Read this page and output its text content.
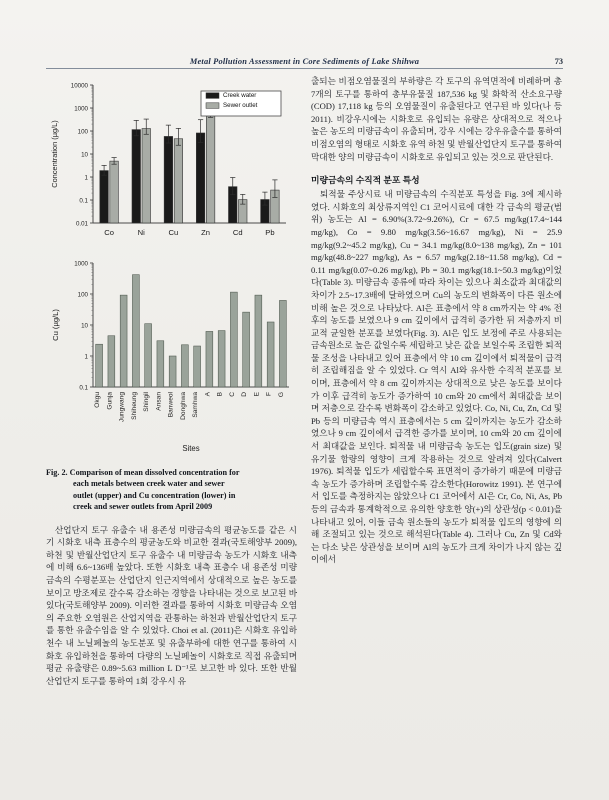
Metal Pollution Assessment in Core Sediments of Lake Shihwa	73
0.01
0.1
1
10
100
1000
10000
Co	Ni	Cu	Zn	Cd	Pb
Concentration (µg/L)
Creek water
Sewer outlet
0.1
1
10
100
1000
Okgu Gunja Jungwang Shiheung Shingil Ansan Banweol Donghwa Samhwa A B C D E F G
Cu (µg/L)
Sites
Fig. 2. Comparison of mean dissolved concentration for
each metals between creek water and sewer
outlet (upper) and Cu concentration (lower) in
creek and sewer outlets from April 2009

산업단지 토구 유출수 내 용존성 미량금속의 평균농도를 같은 시기 시화호 내측 표층수의 평균농도와 비교한 결과(국토해양부 2009), 하천 및 반월산업단지 토구 유출수 내 미량금속 농도가 시화호 내측에 비해 6.6~136배 높았다. 또한 시화호 내측 표층수 내 용존성 미량금속의 수평분포는 산업단지 인근지역에서 상대적으로 높은 농도를 보이고 방조제로 갈수록 감소하는 경향을 나타내는 것으로 보고된 바 있다(국토해양부 2009). 이러한 결과를 통하여 시화호 미량금속 오염의 주요한 오염원은 산업지역을 관통하는 하천과 반월산업단지 토구를 통한 유출수임을 알 수 있었다. Choi et al. (2011)은 시화호 유입하천수 내 노닐페놀의 농도분포 및 유출부하에 대한 연구를 통하여 시화호 유입하천을 통하여 다량의 노닐페놀이 시화호로 직접 유출되며 평균 유출량은 0.89~5.63 million L D⁻¹로 보고한 바 있다. 또한 반월산업단지 토구를 통하여 1회 강우시 유

출되는 비점오염물질의 부하량은 각 토구의 유역면적에 비례하며 총 7개의 토구를 통하여 총부유물질 187,536 kg 및 화학적 산소요구량(COD) 17,118 kg 등의 오염물질이 유출된다고 연구된 바 있다(나 등 2011). 비강우시에는 시화호로 유입되는 유량은 상대적으로 적으나 높은 농도의 미량금속이 유출되며, 강우 시에는 강우유출수를 통하여 비점오염의 형태로 시화호 유역 하천 및 반월산업단지 토구를 통하여 막대한 양의 미량금속이 시화호로 유입되고 있는 것으로 판단된다.

미량금속의 수직적 분포 특성

퇴적물 주상시료 내 미량금속의 수직분포 특성을 Fig. 3에 제시하였다. 시화호의 최상류지역인 C1 코어시료에 대한 각 금속의 평균(범위) 농도는 Al = 6.90%(3.72~9.26%), Cr = 67.5 mg/kg(17.4~144 mg/kg), Co = 9.80 mg/kg(3.56~16.67 mg/kg), Ni = 25.9 mg/kg(9.2~45.2 mg/kg), Cu = 34.1 mg/kg(8.0~138 mg/kg), Zn = 101 mg/kg(48.8~227 mg/kg), As = 6.57 mg/kg(2.18~11.58 mg/kg), Cd = 0.11 mg/kg(0.07~0.26 mg/kg), Pb = 30.1 mg/kg(18.1~50.3 mg/kg)이었다(Table 3). 미량금속 종류에 따라 차이는 있으나 최소값과 최대값의 차이가 2.5~17.3배에 달하였으며 Cu의 농도의 변화폭이 다른 원소에 비해 높은 것으로 나타났다. Al은 표층에서 약 8 cm까지는 약 4% 전후의 농도를 보였으나 9 cm 깊이에서 급격히 증가한 뒤 저층까지 비교적 균일한 분포를 보였다(Fig. 3). Al은 입도 보정에 주로 사용되는 금속원소로 높은 값일수록 세립하고 낮은 값을 보일수록 조립한 퇴적물 조성을 나타내고 있어 표층에서 약 10 cm 깊이에서 퇴적물이 급격히 조립해짐을 알 수 있었다. Cr 역시 Al와 유사한 수직적 분포를 보이며, 표층에서 약 8 cm 깊이까지는 상대적으로 낮은 농도를 보이다가 이후 급격히 농도가 증가하여 10 cm와 20 cm에서 최대값을 보이며 저층으로 갈수록 변화폭이 감소하고 있었다. Co, Ni, Cu, Zn, Cd 및 Pb 등의 미량금속 역시 표층에서는 5 cm 깊이까지는 농도가 감소하였으나 9 cm 깊이에서 급격한 증가를 보이며, 10 cm와 20 cm 깊이에서 최대값을 보인다. 퇴적물 내 미량금속 농도는 입도(grain size) 및 유기물 함량의 영향이 크게 작용하는 것으로 알려져 있다(Calvert 1976). 퇴적물 입도가 세립할수록 표면적이 증가하기 때문에 미량금속 농도가 증가하며 조립할수록 감소한다(Horowitz 1991). 본 연구에서 입도를 측정하지는 않았으나 C1 코어에서 Al은 Cr, Co, Ni, As, Pb 등의 금속과 통계학적으로 유의한 양호한 양(+)의 상관성(p < 0.01)을 나타내고 있어, 이들 금속 원소들의 농도가 퇴적물 입도의 영향에 의해 조절되고 있는 것으로 해석된다(Table 4). 그러나 Cu, Zn 및 Cd와는 다소 낮은 상관성을 보이며 Al의 농도가 크게 차이가 나지 않는 깊이에서
